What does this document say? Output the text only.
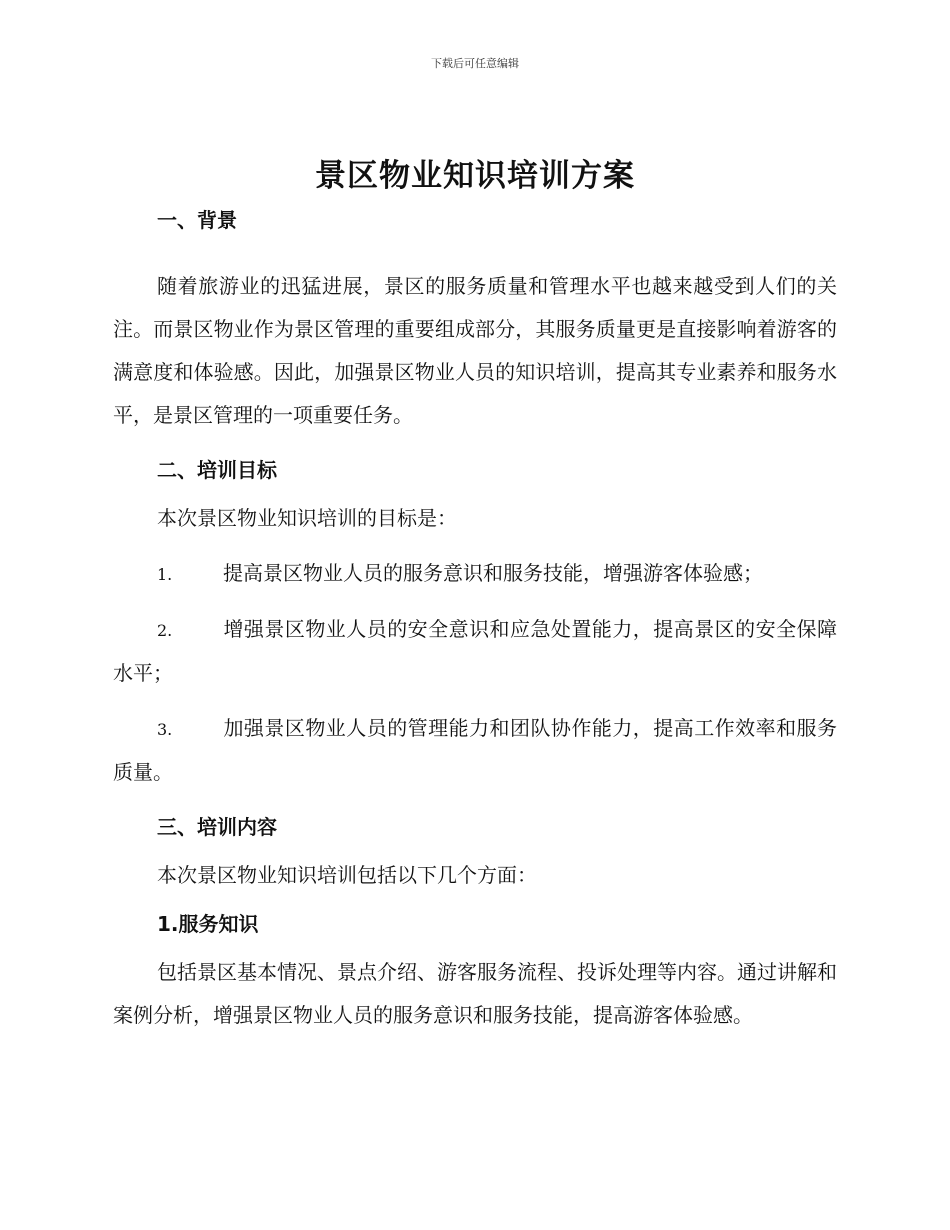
下载后可任意编辑
景区物业知识培训方案
一、背景
随着旅游业的迅猛进展，景区的服务质量和管理水平也越来越受到人们的关注。而景区物业作为景区管理的重要组成部分，其服务质量更是直接影响着游客的满意度和体验感。因此，加强景区物业人员的知识培训，提高其专业素养和服务水平，是景区管理的一项重要任务。
二、培训目标
本次景区物业知识培训的目标是：
1.	提高景区物业人员的服务意识和服务技能，增强游客体验感；
2.	增强景区物业人员的安全意识和应急处置能力，提高景区的安全保障水平；
3.	加强景区物业人员的管理能力和团队协作能力，提高工作效率和服务质量。
三、培训内容
本次景区物业知识培训包括以下几个方面：
1.服务知识
包括景区基本情况、景点介绍、游客服务流程、投诉处理等内容。通过讲解和案例分析，增强景区物业人员的服务意识和服务技能，提高游客体验感。
